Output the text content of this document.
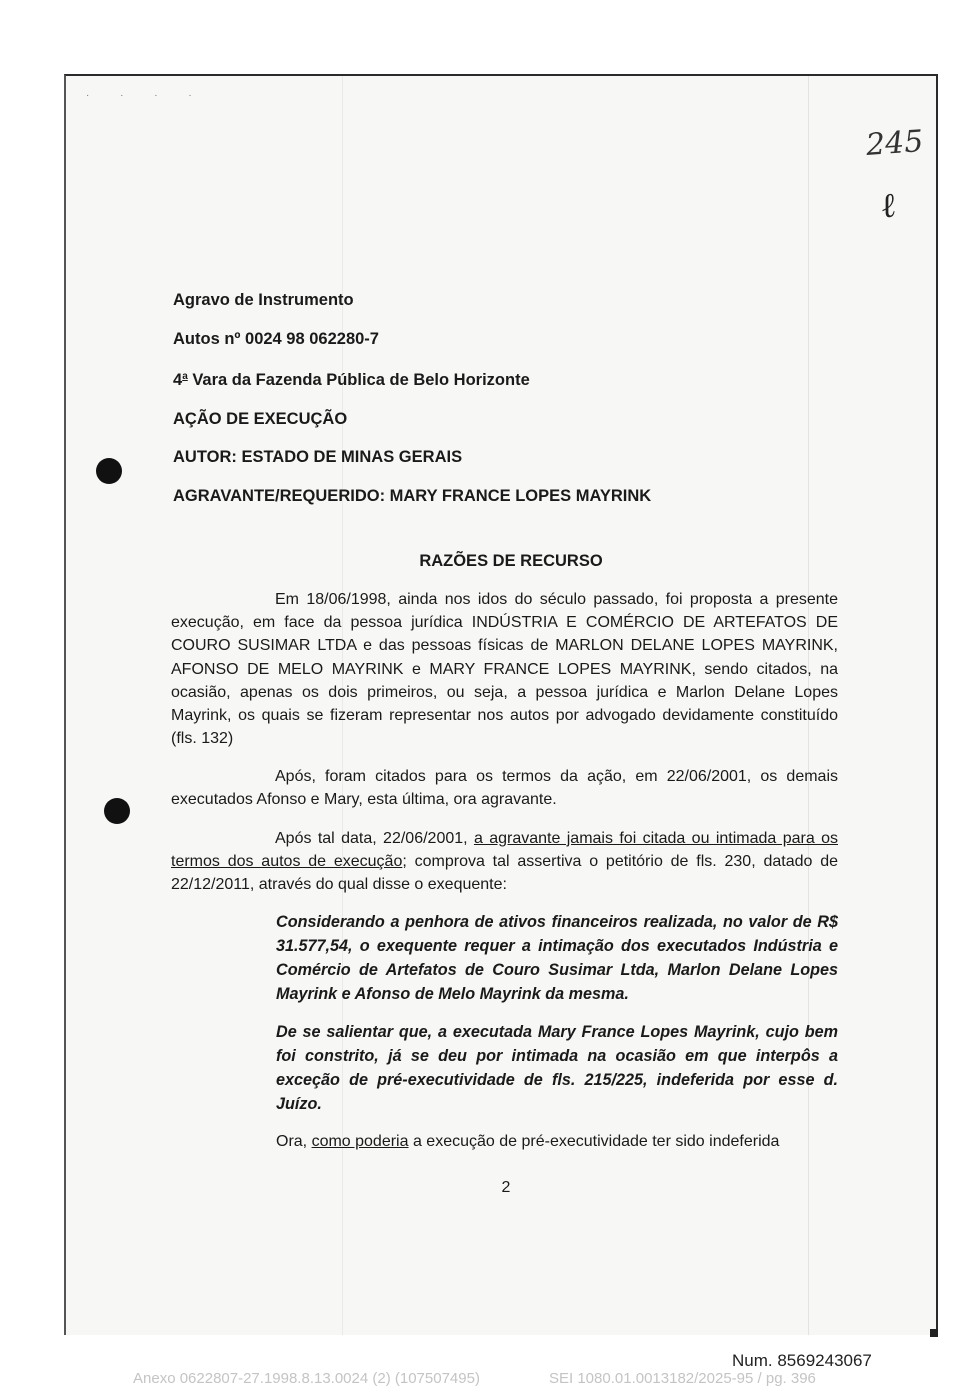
· · · ·
245
ℓ
Agravo de Instrumento
Autos nº 0024 98 062280-7
4$^a$ Vara da Fazenda Pública de Belo Horizonte
AÇÃO DE EXECUÇÃO
AUTOR: ESTADO DE MINAS GERAIS
AGRAVANTE/REQUERIDO: MARY FRANCE LOPES MAYRINK
RAZÕES DE RECURSO
Em 18/06/1998, ainda nos idos do século passado, foi proposta a presente execução, em face da pessoa jurídica INDÚSTRIA E COMÉRCIO DE ARTEFATOS DE COURO SUSIMAR LTDA e das pessoas físicas de MARLON DELANE LOPES MAYRINK, AFONSO DE MELO MAYRINK e MARY FRANCE LOPES MAYRINK, sendo citados, na ocasião, apenas os dois primeiros, ou seja, a pessoa jurídica e Marlon Delane Lopes Mayrink, os quais se fizeram representar nos autos por advogado devidamente constituído (fls. 132)
Após, foram citados para os termos da ação, em 22/06/2001, os demais executados Afonso e Mary, esta última, ora agravante.
Após tal data, 22/06/2001, a agravante jamais foi citada ou intimada para os termos dos autos de execução; comprova tal assertiva o petitório de fls. 230, datado de 22/12/2011, através do qual disse o exequente:
Considerando a penhora de ativos financeiros realizada, no valor de R$ 31.577,54, o exequente requer a intimação dos executados Indústria e Comércio de Artefatos de Couro Susimar Ltda, Marlon Delane Lopes Mayrink e Afonso de Melo Mayrink da mesma.
De se salientar que, a executada Mary France Lopes Mayrink, cujo bem foi constrito, já se deu por intimada na ocasião em que interpôs a exceção de pré-executividade de fls. 215/225, indeferida por esse d. Juízo.
Ora, como poderia a execução de pré-executividade ter sido indeferida
2
Num. 8569243067
Anexo 0622807-27.1998.8.13.0024 (2) (107507495)	SEI 1080.01.0013182/2025-95 / pg. 396
